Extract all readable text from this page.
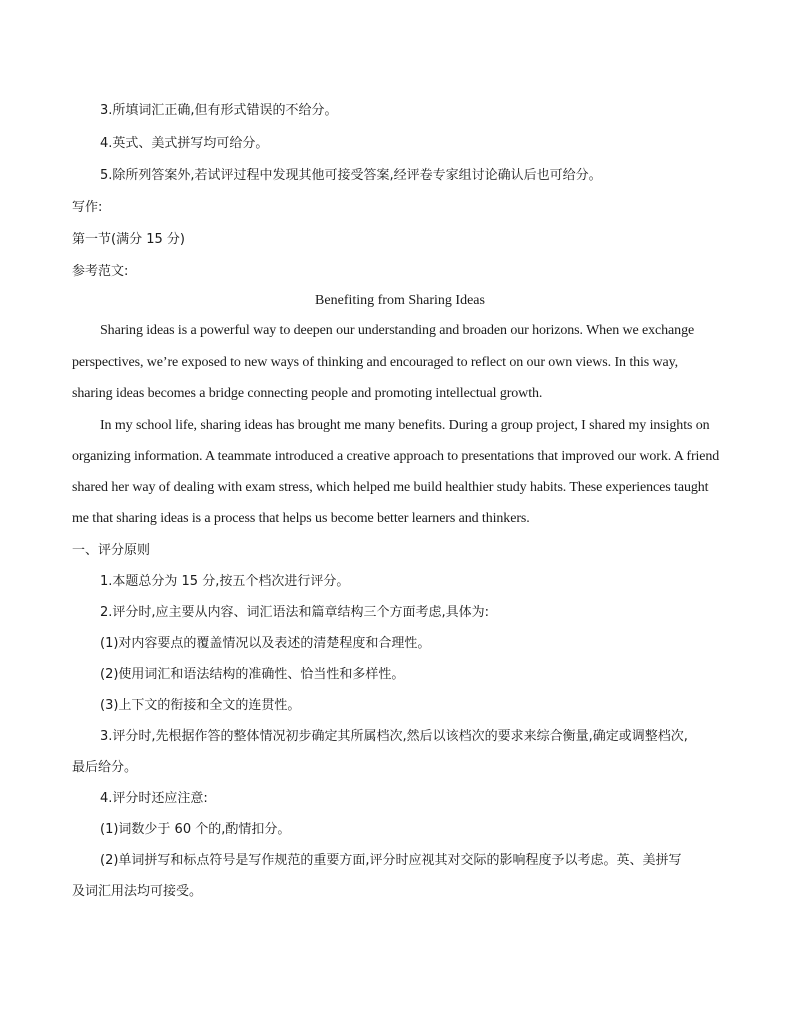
3.所填词汇正确,但有形式错误的不给分。
4.英式、美式拼写均可给分。
5.除所列答案外,若试评过程中发现其他可接受答案,经评卷专家组讨论确认后也可给分。
写作:
第一节(满分 15 分)
参考范文:
Benefiting from Sharing Ideas
Sharing ideas is a powerful way to deepen our understanding and broaden our horizons. When we exchange
perspectives, we’re exposed to new ways of thinking and encouraged to reflect on our own views. In this way,
sharing ideas becomes a bridge connecting people and promoting intellectual growth.
In my school life, sharing ideas has brought me many benefits. During a group project, I shared my insights on
organizing information. A teammate introduced a creative approach to presentations that improved our work. A friend
shared her way of dealing with exam stress, which helped me build healthier study habits. These experiences taught
me that sharing ideas is a process that helps us become better learners and thinkers.
一、评分原则
1.本题总分为 15 分,按五个档次进行评分。
2.评分时,应主要从内容、词汇语法和篇章结构三个方面考虑,具体为:
(1)对内容要点的覆盖情况以及表述的清楚程度和合理性。
(2)使用词汇和语法结构的准确性、恰当性和多样性。
(3)上下文的衔接和全文的连贯性。
3.评分时,先根据作答的整体情况初步确定其所属档次,然后以该档次的要求来综合衡量,确定或调整档次,
最后给分。
4.评分时还应注意:
(1)词数少于 60 个的,酌情扣分。
(2)单词拼写和标点符号是写作规范的重要方面,评分时应视其对交际的影响程度予以考虑。英、美拼写
及词汇用法均可接受。
